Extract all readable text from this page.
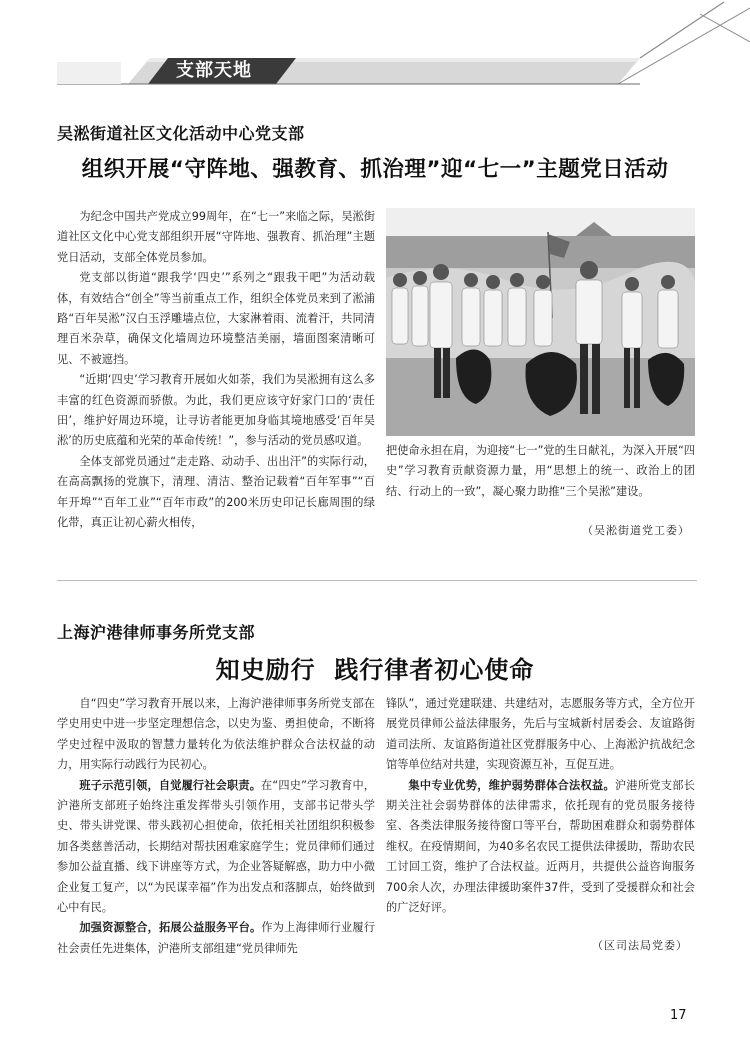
支部天地
吴淞街道社区文化活动中心党支部
组织开展“守阵地、强教育、抓治理”迎“七一”主题党日活动

为纪念中国共产党成立99周年，在“七一”来临之际，吴淞街道社区文化中心党支部组织开展“守阵地、强教育、抓治理”主题党日活动，支部全体党员参加。

党支部以街道“跟我学‘四史’”系列之“跟我干吧”为活动载体，有效结合“创全”等当前重点工作，组织全体党员来到了淞浦路“百年吴淞”汉白玉浮雕墙点位，大家淋着雨、流着汗，共同清理百米杂草，确保文化墙周边环境整洁美丽，墙面图案清晰可见、不被遮挡。

“近期‘四史’学习教育开展如火如荼，我们为吴淞拥有这么多丰富的红色资源而骄傲。为此，我们更应该守好家门口的‘责任田’，维护好周边环境，让寻访者能更加身临其境地感受‘百年吴淞’的历史底蕴和光荣的革命传统！”，参与活动的党员感叹道。

全体支部党员通过“走走路、动动手、出出汗”的实际行动，在高高飘扬的党旗下，清理、清洁、整治记载着“百年军事”“百年开埠”“百年工业”“百年市政”的200米历史印记长廊周围的绿化带，真正让初心薪火相传，

把使命永担在肩，为迎接“七一”党的生日献礼，为深入开展“四史”学习教育贡献资源力量，用“思想上的统一、政治上的团结、行动上的一致”，凝心聚力助推“三个吴淞”建设。

（吴淞街道党工委）
上海沪港律师事务所党支部
知史励行  践行律者初心使命

自“四史”学习教育开展以来，上海沪港律师事务所党支部在学史用史中进一步坚定理想信念，以史为鉴、勇担使命，不断将学史过程中汲取的智慧力量转化为依法维护群众合法权益的动力，用实际行动践行为民初心。

班子示范引领，自觉履行社会职责。在“四史”学习教育中，沪港所支部班子始终注重发挥带头引领作用，支部书记带头学史、带头讲党课、带头践初心担使命，依托相关社团组织积极参加各类慈善活动，长期结对帮扶困难家庭学生；党员律师们通过参加公益直播、线下讲座等方式，为企业答疑解惑，助力中小微企业复工复产，以“为民谋幸福”作为出发点和落脚点，始终做到心中有民。

加强资源整合，拓展公益服务平台。作为上海律师行业履行社会责任先进集体，沪港所支部组建“党员律师先

锋队”，通过党建联建、共建结对，志愿服务等方式，全方位开展党员律师公益法律服务，先后与宝城新村居委会、友谊路街道司法所、友谊路街道社区党群服务中心、上海淞沪抗战纪念馆等单位结对共建，实现资源互补，互促互进。

集中专业优势，维护弱势群体合法权益。沪港所党支部长期关注社会弱势群体的法律需求，依托现有的党员服务接待室、各类法律服务接待窗口等平台，帮助困难群众和弱势群体维权。在疫情期间，为40多名农民工提供法律援助，帮助农民工讨回工资，维护了合法权益。近两月，共提供公益咨询服务700余人次，办理法律援助案件37件，受到了受援群众和社会的广泛好评。

（区司法局党委）
17
